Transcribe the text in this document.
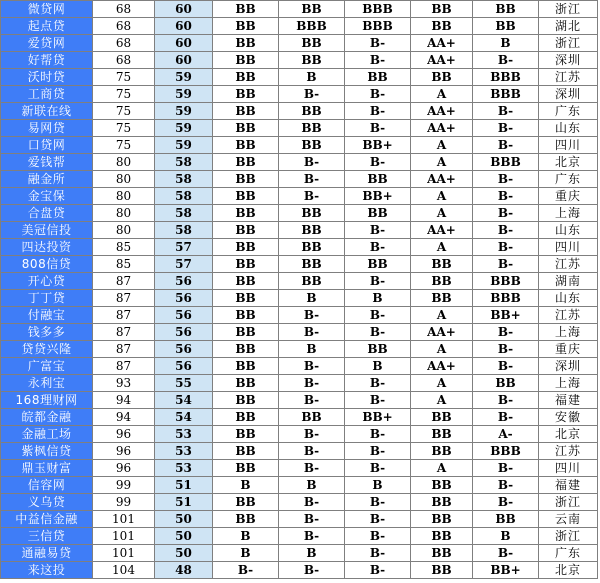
微贷网	68	60	BB	BB	BBB	BB	BB	浙江
起点贷	68	60	BB	BBB	BBB	BB	BB	湖北
爱贷网	68	60	BB	BB	B-	AA+	B	浙江
好帮贷	68	60	BB	BB	B-	AA+	B-	深圳
沃时贷	75	59	BB	B	BB	BB	BBB	江苏
工商贷	75	59	BB	B-	B-	A	BBB	深圳
新联在线	75	59	BB	BB	B-	AA+	B-	广东
易网贷	75	59	BB	BB	B-	AA+	B-	山东
口贷网	75	59	BB	BB	BB+	A	B-	四川
爱钱帮	80	58	BB	B-	B-	A	BBB	北京
融金所	80	58	BB	B-	BB	AA+	B-	广东
金宝保	80	58	BB	B-	BB+	A	B-	重庆
合盘贷	80	58	BB	BB	BB	A	B-	上海
美冠信投	80	58	BB	BB	B-	AA+	B-	山东
四达投资	85	57	BB	BB	B-	A	B-	四川
808信贷	85	57	BB	BB	BB	BB	B-	江苏
开心贷	87	56	BB	BB	B-	BB	BBB	湖南
丁丁贷	87	56	BB	B	B	BB	BBB	山东
付融宝	87	56	BB	B-	B-	A	BB+	江苏
钱多多	87	56	BB	B-	B-	AA+	B-	上海
贷贷兴隆	87	56	BB	B	BB	A	B-	重庆
广富宝	87	56	BB	B-	B	AA+	B-	深圳
永利宝	93	55	BB	B-	B-	A	BB	上海
168理财网	94	54	BB	B-	B-	A	B-	福建
皖都金融	94	54	BB	BB	BB+	BB	B-	安徽
金融工场	96	53	BB	B-	B-	BB	A-	北京
紫枫信贷	96	53	BB	B-	B-	BB	BBB	江苏
鼎玉财富	96	53	BB	B-	B-	A	B-	四川
信容网	99	51	B	B	B	BB	B-	福建
义乌贷	99	51	BB	B-	B-	BB	B-	浙江
中益信金融	101	50	BB	B-	B-	BB	BB	云南
三信贷	101	50	B	B-	B-	BB	B	浙江
通融易贷	101	50	B	B	B-	BB	B-	广东
来这投	104	48	B-	B-	B-	BB	BB+	北京
